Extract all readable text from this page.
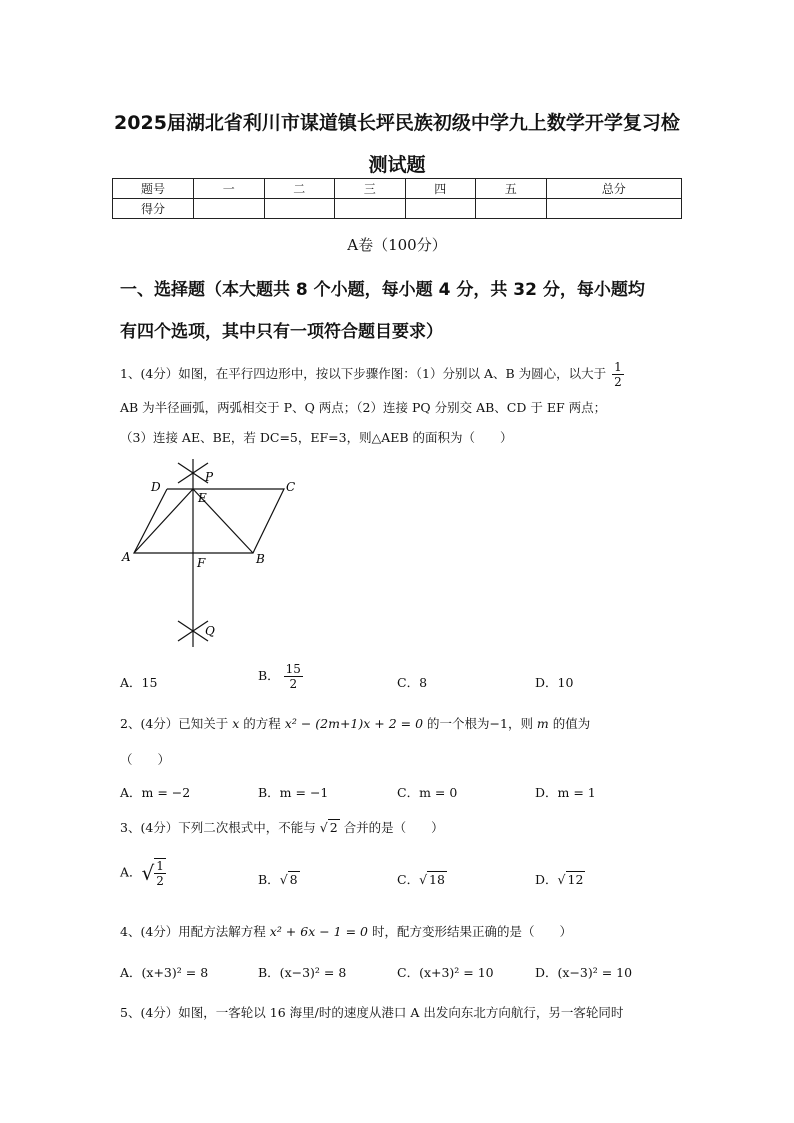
2025届湖北省利川市谋道镇长坪民族初级中学九上数学开学复习检
测试题
题号	一	二	三	四	五	总分
得分						
A卷（100分）
一、选择题（本大题共 8 个小题，每小题 4 分，共 32 分，每小题均
有四个选项，其中只有一项符合题目要求）
1、(4分）如图，在平行四边形中，按以下步骤作图：（1）分别以 A、B 为圆心，以大于 $\frac{1}{2}$
AB 为半径画弧，两弧相交于 P、Q 两点；（2）连接 PQ 分别交 AB、CD 于 EF 两点；
（3）连接 AE、BE，若 DC=5，EF=3，则△AEB 的面积为（　　）
D
P
C
E
A	F	B
Q
A．15	B． $\frac{15}{2}$	C．8	D．10
2、(4分）已知关于 x 的方程 x² − (2m+1)x + 2 = 0 的一个根为−1，则 m 的值为
（　　）
A．m = −2	B．m = −1	C．m = 0	D．m = 1
3、(4分）下列二次根式中，不能与 √ 2 合并的是（　　）
A．√ $\frac{1}{2}$	B．√ 8	C．√ 18	D．√ 12
4、(4分）用配方法解方程 x² + 6x − 1 = 0 时，配方变形结果正确的是（　　）
A．(x+3)² = 8	B．(x−3)² = 8	C．(x+3)² = 10	D．(x−3)² = 10
5、(4分）如图，一客轮以 16 海里/时的速度从港口 A 出发向东北方向航行，另一客轮同时
